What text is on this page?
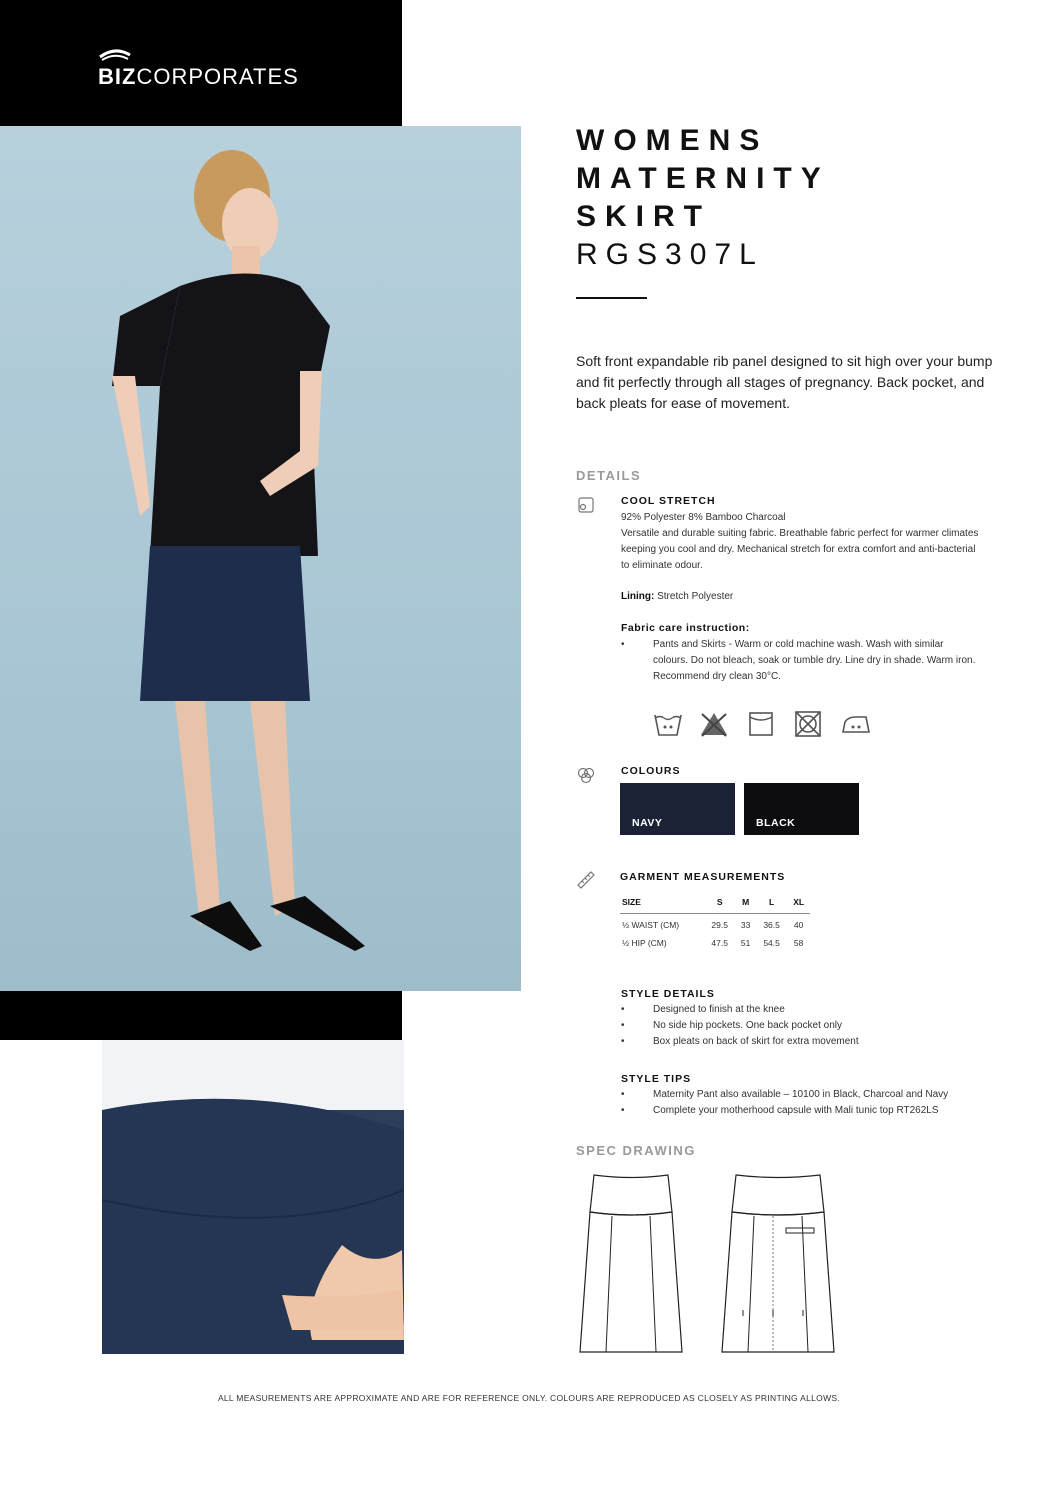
BIZCORPORATES
WOMENS
MATERNITY
SKIRT
RGS307L
Soft front expandable rib panel designed to sit high over your bump and fit perfectly through all stages of pregnancy. Back pocket, and back pleats for ease of movement.
DETAILS
COOL STRETCH
92% Polyester 8% Bamboo Charcoal
Versatile and durable suiting fabric. Breathable fabric perfect for warmer climates keeping you cool and dry. Mechanical stretch for extra comfort and anti-bacterial to eliminate odour.
Lining: Stretch Polyester
Fabric care instruction:
•	Pants and Skirts - Warm or cold machine wash. Wash with similar colours. Do not bleach, soak or tumble dry. Line dry in shade. Warm iron. Recommend dry clean 30°C.
COLOURS
NAVY	BLACK
GARMENT MEASUREMENTS
SIZE	S	M	L	XL
½ WAIST (CM)	29.5	33	36.5	40
½ HIP (CM)	47.5	51	54.5	58
STYLE DETAILS
•	Designed to finish at the knee
•	No side hip pockets. One back pocket only
•	Box pleats on back of skirt for extra movement
STYLE TIPS
•	Maternity Pant also available – 10100 in Black, Charcoal and Navy
•	Complete your motherhood capsule with Mali tunic top RT262LS
SPEC DRAWING
ALL MEASUREMENTS ARE APPROXIMATE AND ARE FOR REFERENCE ONLY. COLOURS ARE REPRODUCED AS CLOSELY AS PRINTING ALLOWS.
